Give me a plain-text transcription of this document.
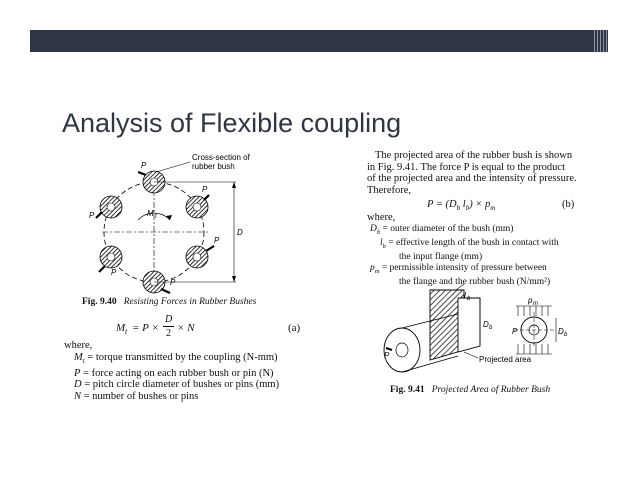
Analysis of Flexible coupling
P
P
P
P
P
P	M t
D
Cross-section of
rubber bush
Fig. 9.40 Resisting Forces in Rubber Bushes
M t = P ×
D
2 × N	(a)
where,
$M_t$ = torque transmitted by the coupling (N-mm)
P = force acting on each rubber bush or pin (N)
D = pitch circle diameter of bushes or pins (mm)
N = number of bushes or pins
The projected area of the rubber bush is shown
in Fig. 9.41. The force P is equal to the product
of the projected area and the intensity of pressure.
Therefore,
$P = (D_b$ $l_b) \times p_m$	(b)
where,
$D_b$ = outer diameter of the bush (mm)
$l_b$ = effective length of the bush in contact with
the input flange (mm)
$p_m$ = permissible intensity of pressure between
the flange and the rubber bush (N/mm²)
l b
D b
P
P
p m
D b
Projected area
Fig. 9.41 Projected Area of Rubber Bush
